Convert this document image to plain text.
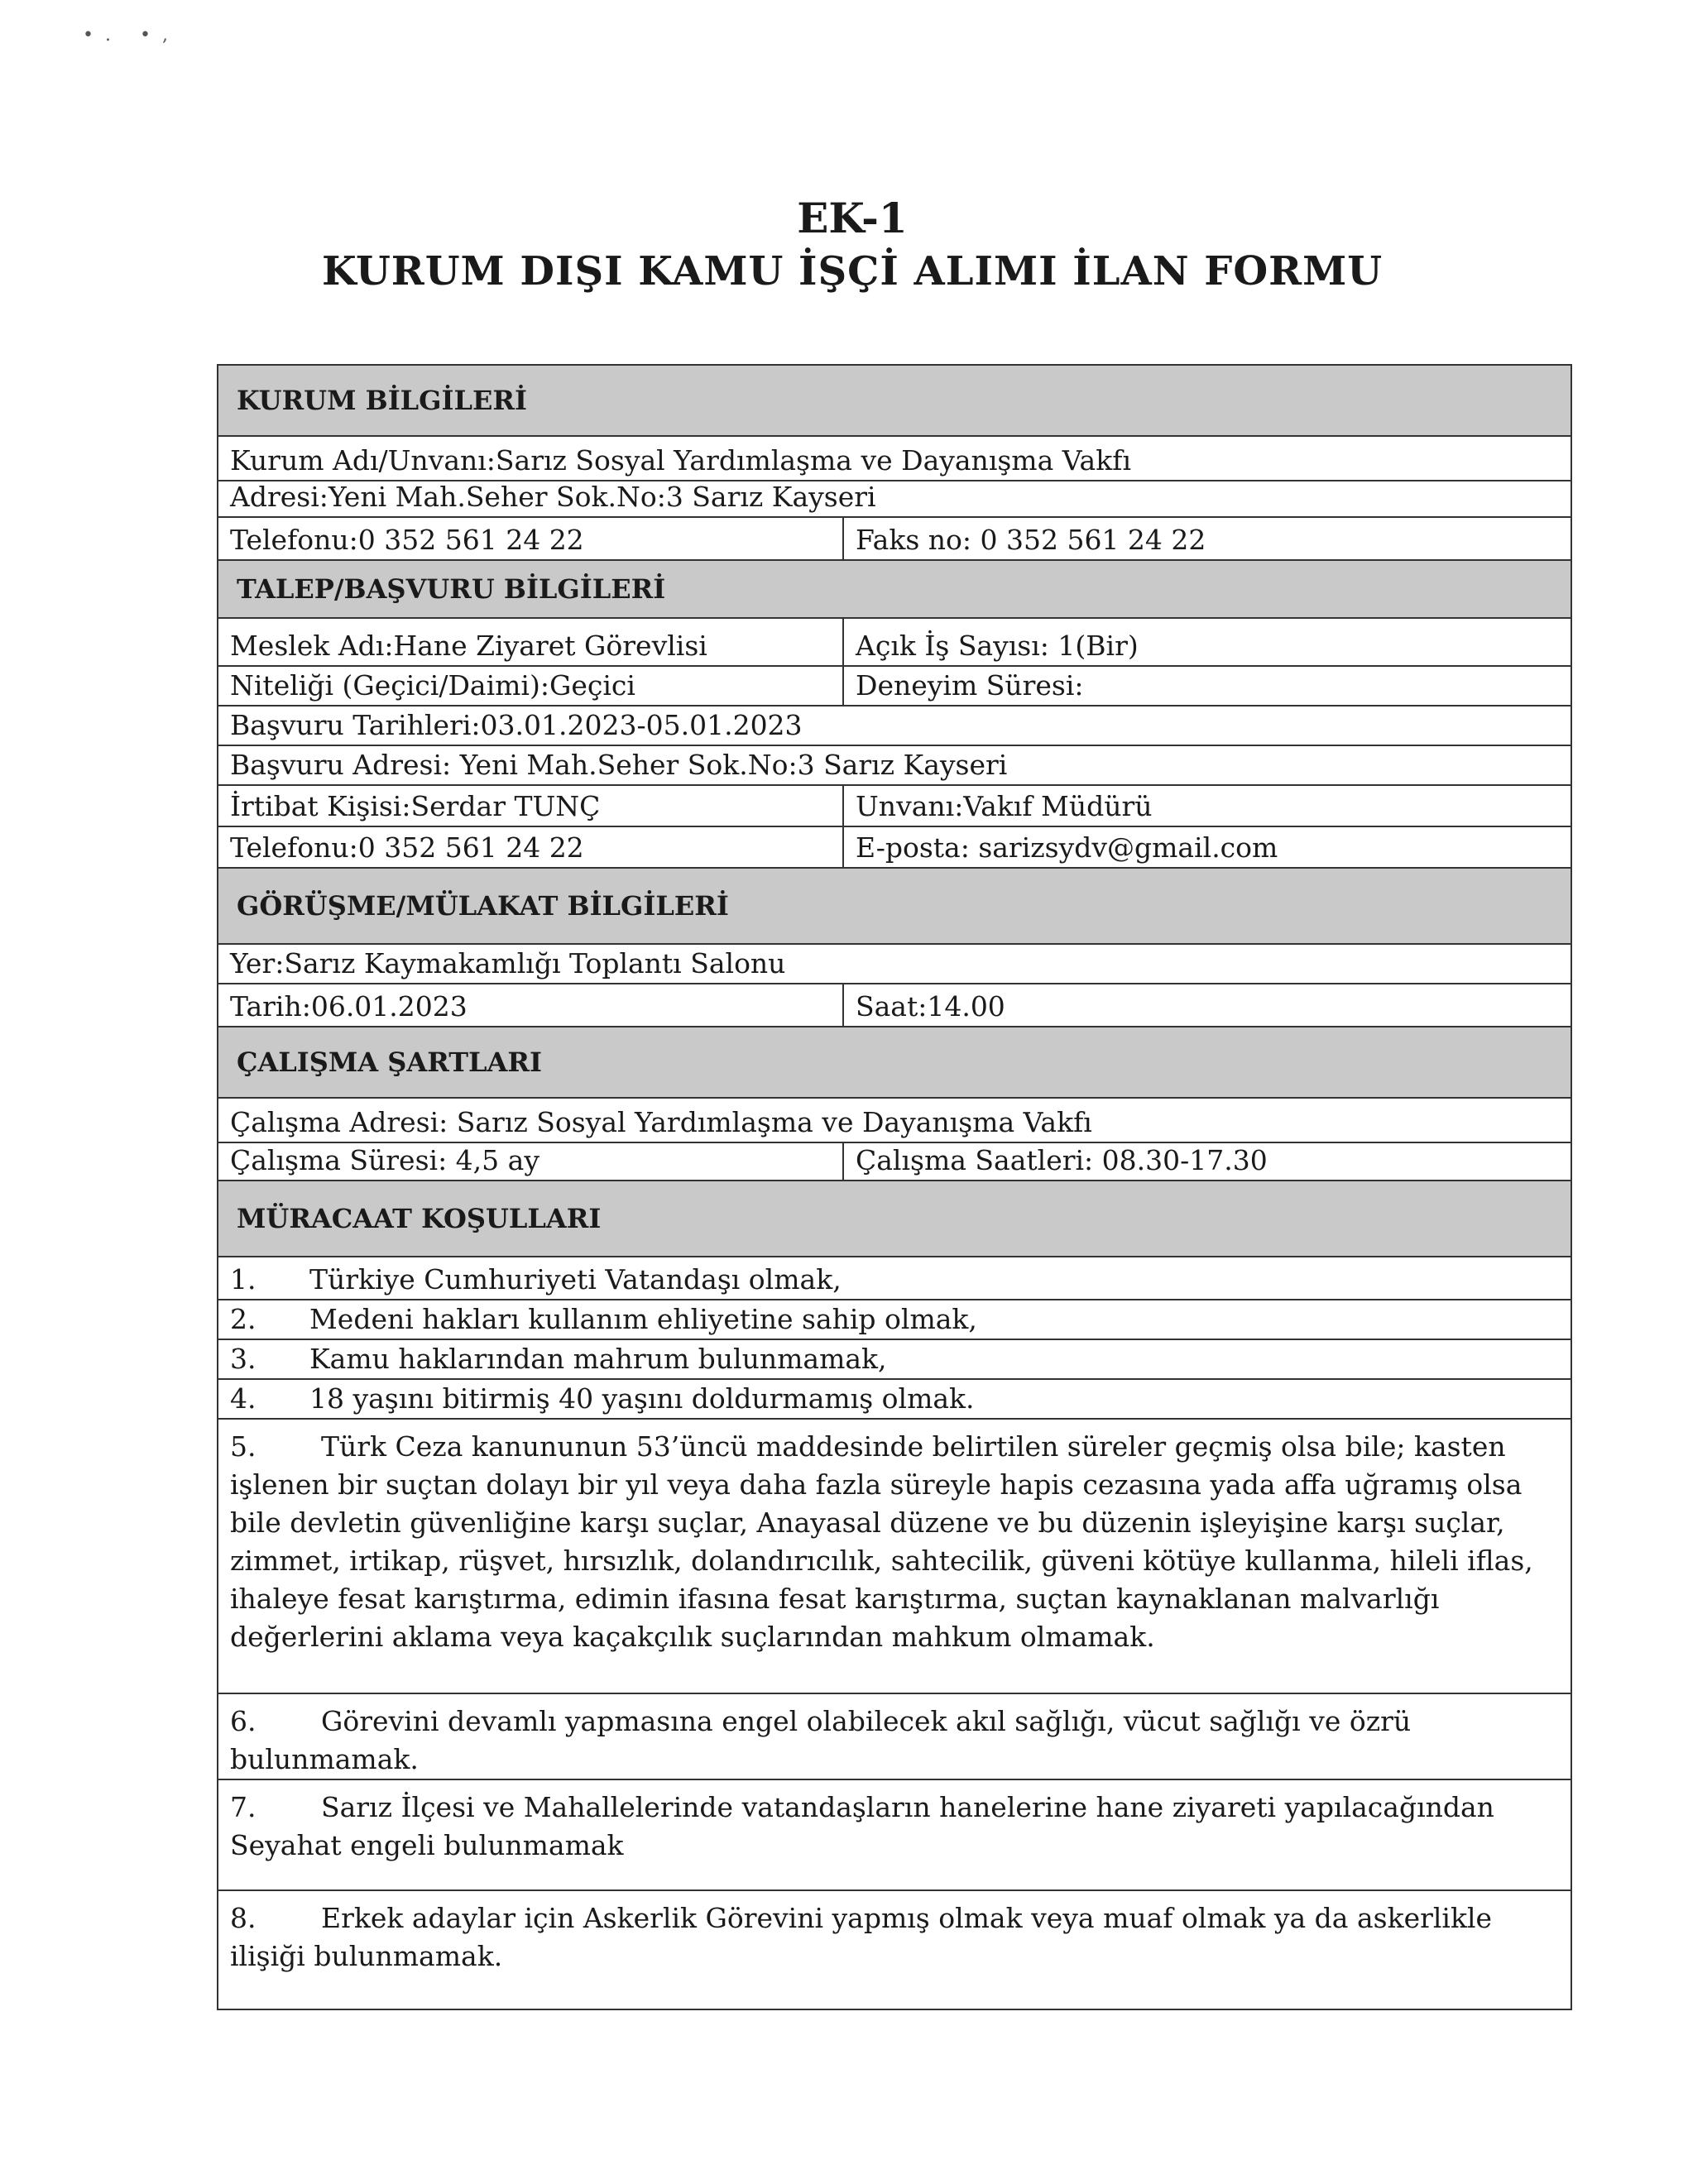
•. •,
EK-1
KURUM DIŞI KAMU İŞÇİ ALIMI İLAN FORMU
KURUM BİLGİLERİ
Kurum Adı/Unvanı:Sarız Sosyal Yardımlaşma ve Dayanışma Vakfı
Adresi:Yeni Mah.Seher Sok.No:3 Sarız Kayseri
Telefonu:0 352 561 24 22	Faks no: 0 352 561 24 22
TALEP/BAŞVURU BİLGİLERİ
Meslek Adı:Hane Ziyaret Görevlisi	Açık İş Sayısı: 1(Bir)
Niteliği (Geçici/Daimi):Geçici	Deneyim Süresi:
Başvuru Tarihleri:03.01.2023-05.01.2023
Başvuru Adresi: Yeni Mah.Seher Sok.No:3 Sarız Kayseri
İrtibat Kişisi:Serdar TUNÇ	Unvanı:Vakıf Müdürü
Telefonu:0 352 561 24 22	E-posta: sarizsydv@gmail.com
GÖRÜŞME/MÜLAKAT BİLGİLERİ
Yer:Sarız Kaymakamlığı Toplantı Salonu
Tarih:06.01.2023	Saat:14.00
ÇALIŞMA ŞARTLARI
Çalışma Adresi: Sarız Sosyal Yardımlaşma ve Dayanışma Vakfı
Çalışma Süresi: 4,5 ay	Çalışma Saatleri: 08.30-17.30
MÜRACAAT KOŞULLARI
1.	Türkiye Cumhuriyeti Vatandaşı olmak,
2.	Medeni hakları kullanım ehliyetine sahip olmak,
3.	Kamu haklarından mahrum bulunmamak,
4.	18 yaşını bitirmiş 40 yaşını doldurmamış olmak.
5. Türk Ceza kanununun 53’üncü maddesinde belirtilen süreler geçmiş olsa bile; kasten işlenen bir suçtan dolayı bir yıl veya daha fazla süreyle hapis cezasına yada affa uğramış olsa bile devletin güvenliğine karşı suçlar, Anayasal düzene ve bu düzenin işleyişine karşı suçlar, zimmet, irtikap, rüşvet, hırsızlık, dolandırıcılık, sahtecilik, güveni kötüye kullanma, hileli iflas, ihaleye fesat karıştırma, edimin ifasına fesat karıştırma, suçtan kaynaklanan malvarlığı değerlerini aklama veya kaçakçılık suçlarından mahkum olmamak.
6. Görevini devamlı yapmasına engel olabilecek akıl sağlığı, vücut sağlığı ve özrü bulunmamak.
7. Sarız İlçesi ve Mahallelerinde vatandaşların hanelerine hane ziyareti yapılacağından Seyahat engeli bulunmamak
8. Erkek adaylar için Askerlik Görevini yapmış olmak veya muaf olmak ya da askerlikle ilişiği bulunmamak.
